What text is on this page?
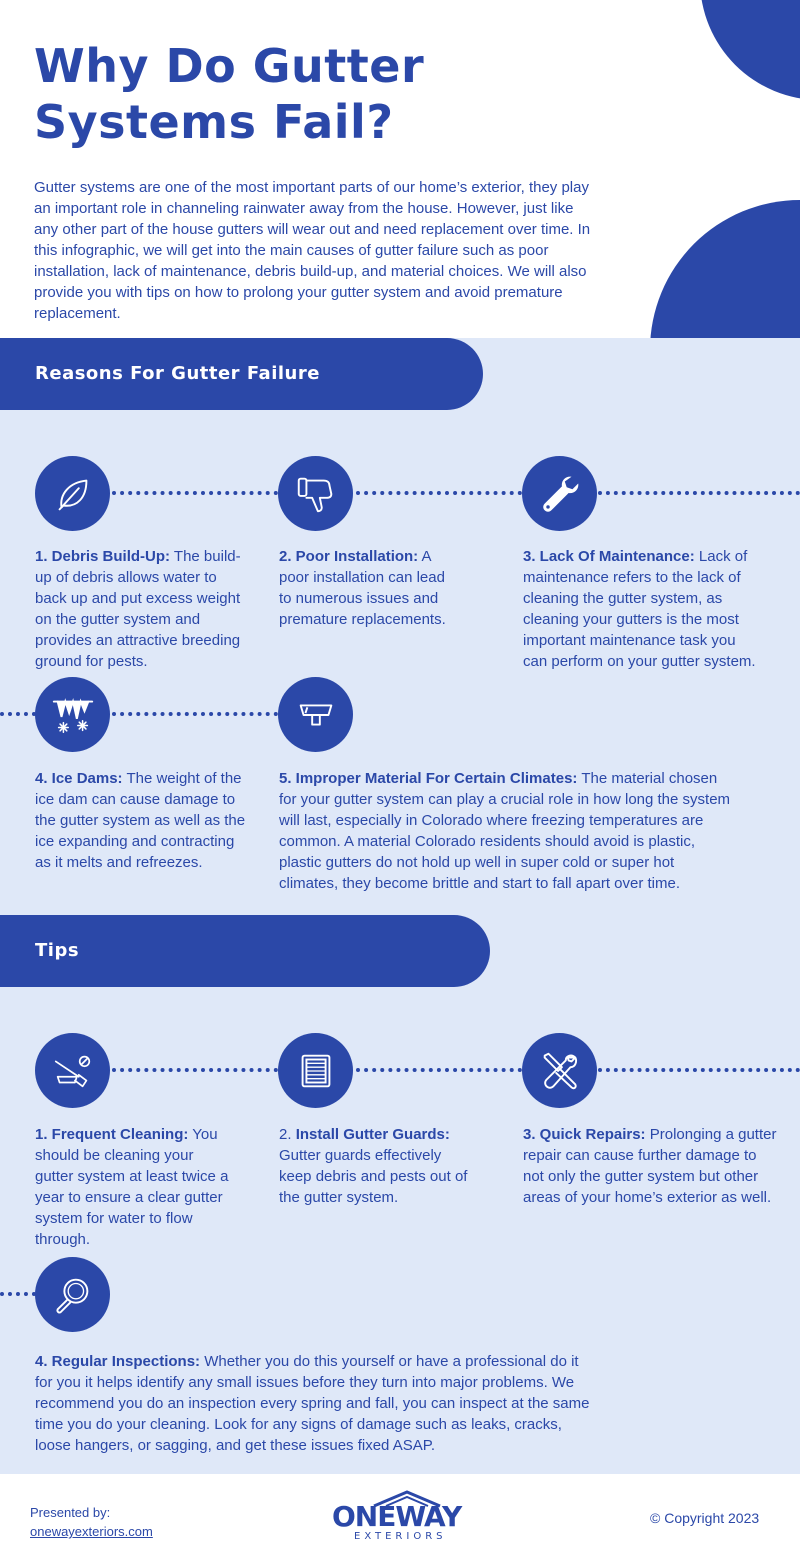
Why Do Gutter Systems Fail?

Gutter systems are one of the most important parts of our home’s exterior, they play an important role in channeling rainwater away from the house. However, just like any other part of the house gutters will wear out and need replacement over time. In this infographic, we will get into the main causes of gutter failure such as poor installation, lack of maintenance, debris build-up, and material choices. We will also provide you with tips on how to prolong your gutter system and avoid premature replacement.

Reasons For Gutter Failure

1. Debris Build-Up: The build-up of debris allows water to back up and put excess weight on the gutter system and provides an attractive breeding ground for pests.

2. Poor Installation: A poor installation can lead to numerous issues and premature replacements.

3. Lack Of Maintenance: Lack of maintenance refers to the lack of cleaning the gutter system, as cleaning your gutters is the most important maintenance task you can perform on your gutter system.

4. Ice Dams: The weight of the ice dam can cause damage to the gutter system as well as the ice expanding and contracting as it melts and refreezes.

5. Improper Material For Certain Climates: The material chosen for your gutter system can play a crucial role in how long the system will last, especially in Colorado where freezing temperatures are common. A material Colorado residents should avoid is plastic, plastic gutters do not hold up well in super cold or super hot climates, they become brittle and start to fall apart over time.

Tips

1. Frequent Cleaning: You should be cleaning your gutter system at least twice a year to ensure a clear gutter system for water to flow through.

2. Install Gutter Guards: Gutter guards effectively keep debris and pests out of the gutter system.

3. Quick Repairs: Prolonging a gutter repair can cause further damage to not only the gutter system but other areas of your home’s exterior as well.

4. Regular Inspections: Whether you do this yourself or have a professional do it for you it helps identify any small issues before they turn into major problems. We recommend you do an inspection every spring and fall, you can inspect at the same time you do your cleaning. Look for any signs of damage such as leaks, cracks, loose hangers, or sagging, and get these issues fixed ASAP.

Presented by:
onewayexteriors.com	ONEWAY
EXTERIORS
© Copyright 2023
